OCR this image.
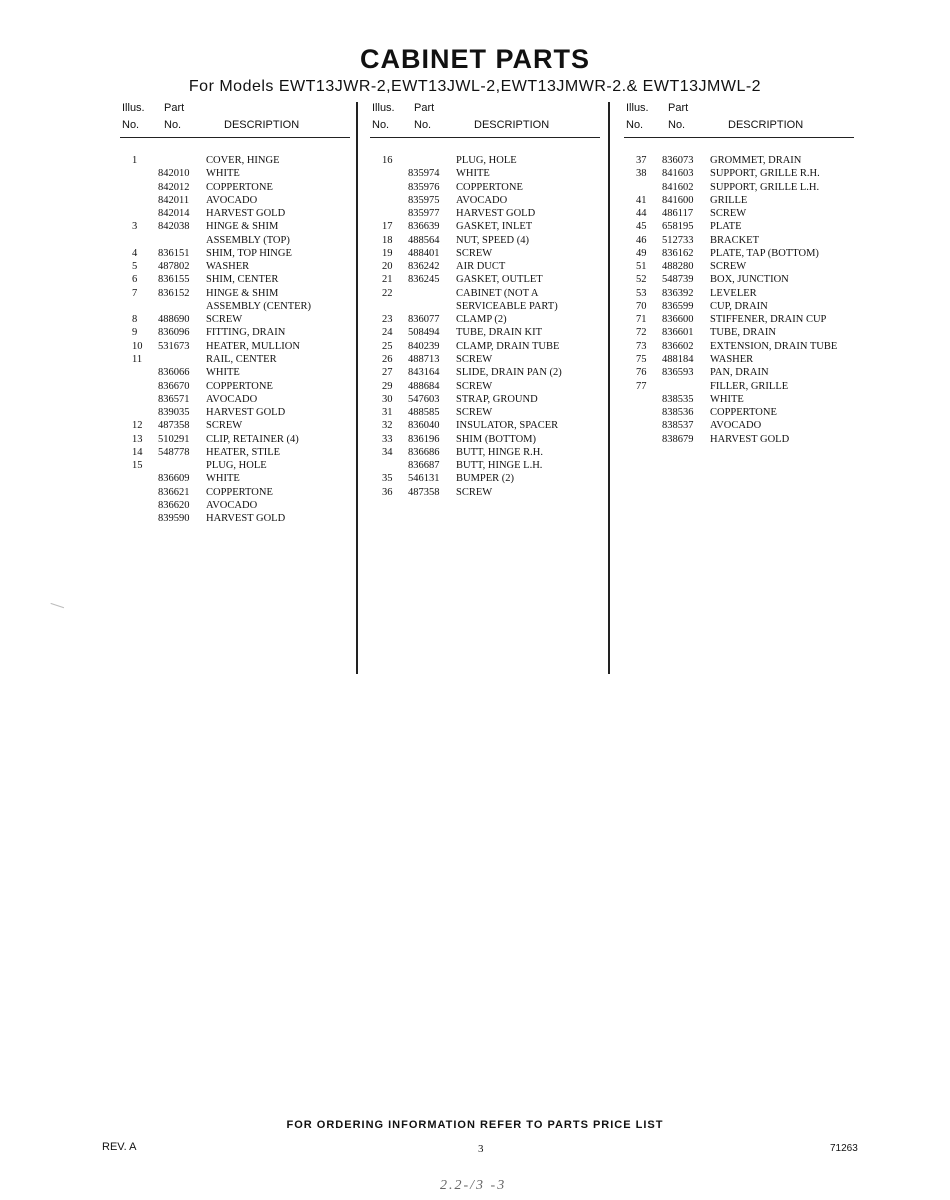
CABINET PARTS
For Models EWT13JWR-2,EWT13JWL-2,EWT13JMWR-2.& EWT13JMWL-2
Illus. Part
No. No.	DESCRIPTION
1	COVER, HINGE
842010 WHITE
842012 COPPERTONE
842011 AVOCADO
842014 HARVEST GOLD
3 842038 HINGE & SHIM
ASSEMBLY (TOP)
4 836151 SHIM, TOP HINGE
5 487802 WASHER
6 836155 SHIM, CENTER
7 836152 HINGE & SHIM
ASSEMBLY (CENTER)
8 488690 SCREW
9 836096 FITTING, DRAIN
10 531673 HEATER, MULLION
11	RAIL, CENTER
836066 WHITE
836670 COPPERTONE
836571 AVOCADO
839035 HARVEST GOLD
12 487358 SCREW
13 510291 CLIP, RETAINER (4)
14 548778 HEATER, STILE
15	PLUG, HOLE
836609 WHITE
836621 COPPERTONE
836620 AVOCADO
839590 HARVEST GOLD
Illus. Part
No. No.	DESCRIPTION
16	PLUG, HOLE
835974 WHITE
835976 COPPERTONE
835975 AVOCADO
835977 HARVEST GOLD
17 836639 GASKET, INLET
18 488564 NUT, SPEED (4)
19 488401 SCREW
20 836242 AIR DUCT
21 836245 GASKET, OUTLET
22	CABINET (NOT A
SERVICEABLE PART)
23 836077 CLAMP (2)
24 508494 TUBE, DRAIN KIT
25 840239 CLAMP, DRAIN TUBE
26 488713 SCREW
27 843164 SLIDE, DRAIN PAN (2)
29 488684 SCREW
30 547603 STRAP, GROUND
31 488585 SCREW
32 836040 INSULATOR, SPACER
33 836196 SHIM (BOTTOM)
34 836686 BUTT, HINGE R.H.
836687 BUTT, HINGE L.H.
35 546131 BUMPER (2)
36 487358 SCREW
Illus. Part
No. No.	DESCRIPTION
37 836073 GROMMET, DRAIN
38 841603 SUPPORT, GRILLE R.H.
841602 SUPPORT, GRILLE L.H.
41 841600 GRILLE
44 486117 SCREW
45 658195 PLATE
46 512733 BRACKET
49 836162 PLATE, TAP (BOTTOM)
51 488280 SCREW
52 548739 BOX, JUNCTION
53 836392 LEVELER
70 836599 CUP, DRAIN
71 836600 STIFFENER, DRAIN CUP
72 836601 TUBE, DRAIN
73 836602 EXTENSION, DRAIN TUBE
75 488184 WASHER
76 836593 PAN, DRAIN
77	FILLER, GRILLE
838535 WHITE
838536 COPPERTONE
838537 AVOCADO
838679 HARVEST GOLD
FOR ORDERING INFORMATION REFER TO PARTS PRICE LIST
REV. A	3	71263
2.2-/3 -3
